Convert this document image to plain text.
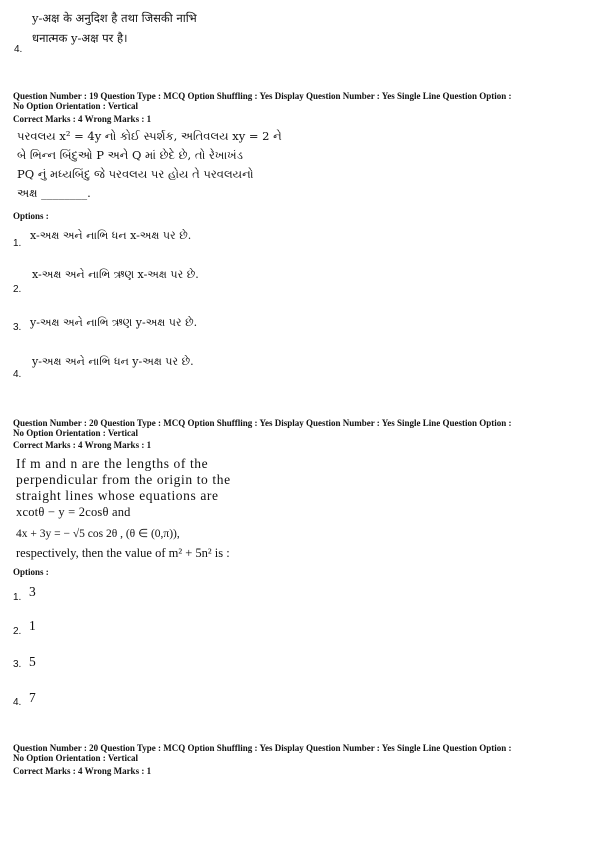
y-अक्ष के अनुदिश है तथा जिसकी नाभि
धनात्मक y-अक्ष पर है।
4.
Question Number : 19 Question Type : MCQ Option Shuffling : Yes Display Question Number : Yes Single Line Question Option :
No Option Orientation : Vertical
Correct Marks : 4 Wrong Marks : 1
પરવલય x² = 4y નો કોઈ સ્પર્શક, અતિવલય xy = 2 ને
બે ભિન્ન બિંદુઓ P અને Q માં છેદે છે, તો રેખાખંડ
PQ નું મધ્યબિંદુ જે પરવલય પર હોય તે પરવલયનો
અક્ષ ________.
Options :
1.
x-અક્ષ અને નાભિ ધન x-અક્ષ પર છે.
2.
x-અક્ષ અને નાભિ ઋણ x-અક્ષ પર છે.
3. y-અક્ષ અને નાભિ ઋણ y-અક્ષ પર છે.
4.
y-અક્ષ અને નાભિ ધન y-અક્ષ પર છે.
Question Number : 20 Question Type : MCQ Option Shuffling : Yes Display Question Number : Yes Single Line Question Option :
No Option Orientation : Vertical
Correct Marks : 4 Wrong Marks : 1
If m and n are the lengths of the
perpendicular from the origin to the
straight lines whose equations are
xcotθ − y = 2cosθ and
4x + 3y = − √5 cos 2θ , (θ ∈ (0,π)),
respectively, then the value of m² + 5n² is :
Options :
1. 3
2. 1
3. 5
4. 7
Question Number : 20 Question Type : MCQ Option Shuffling : Yes Display Question Number : Yes Single Line Question Option :
No Option Orientation : Vertical
Correct Marks : 4 Wrong Marks : 1
